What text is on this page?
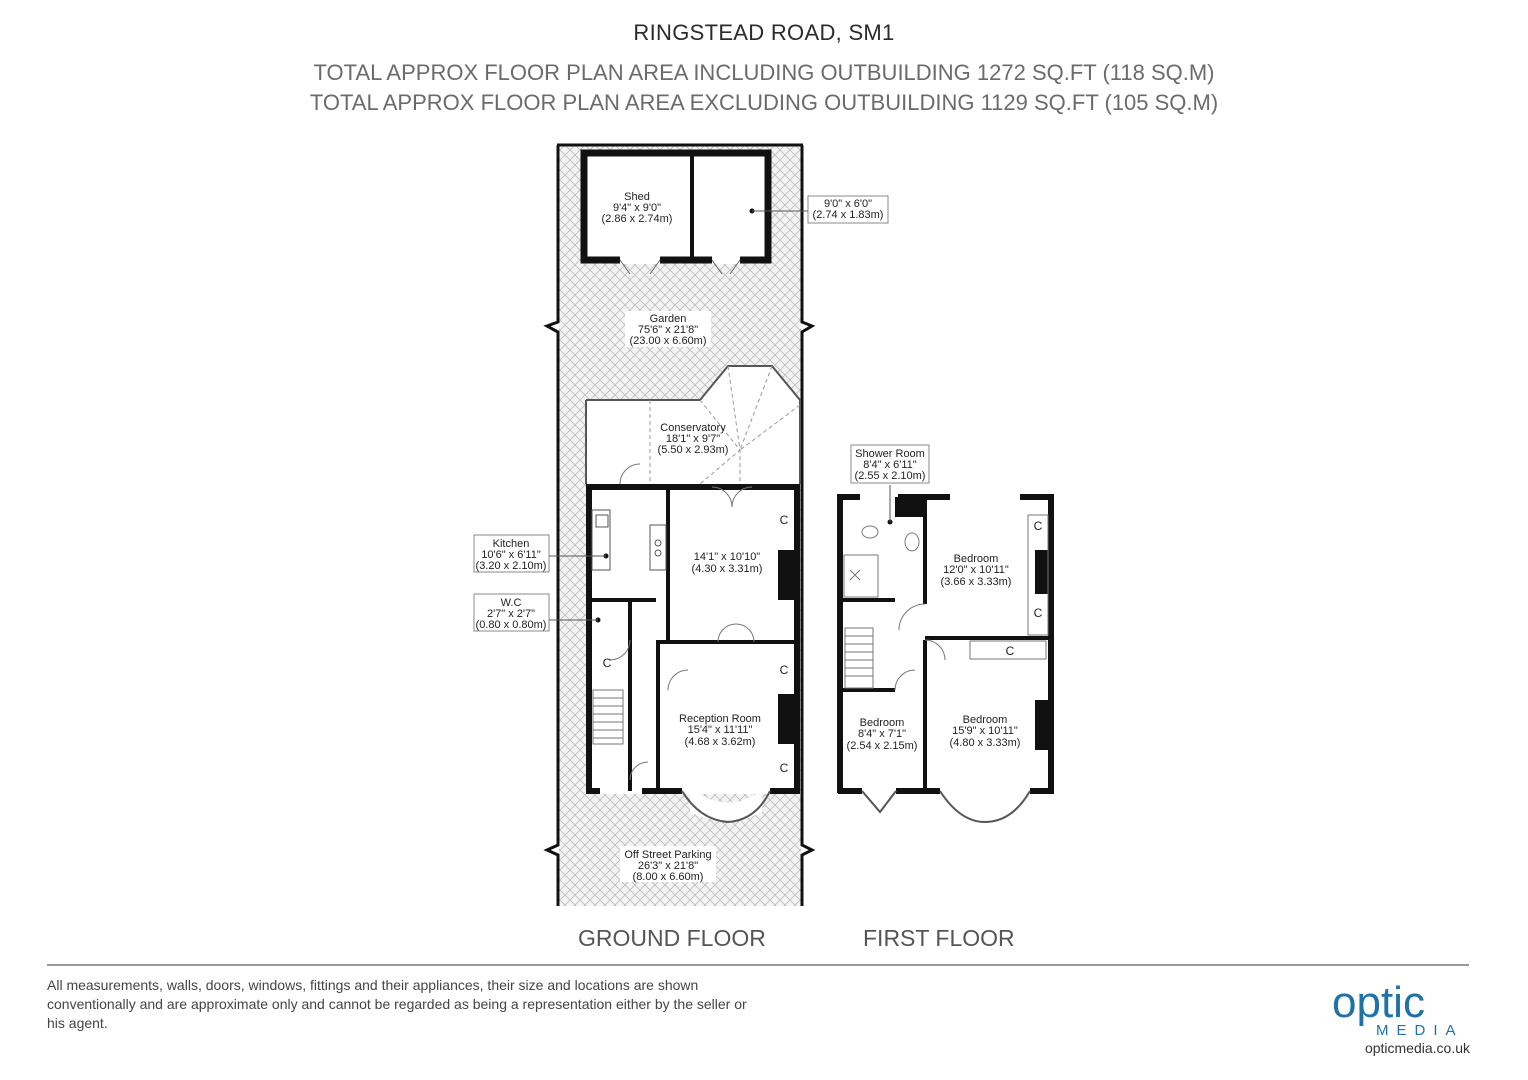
RINGSTEAD ROAD, SM1
TOTAL APPROX FLOOR PLAN AREA INCLUDING OUTBUILDING 1272 SQ.FT (118 SQ.M)
TOTAL APPROX FLOOR PLAN AREA EXCLUDING OUTBUILDING 1129 SQ.FT (105 SQ.M)
Shed
9'4" x 9'0"
(2.86 x 2.74m)
9'0" x 6'0"
(2.74 x 1.83m)
Garden
75'6" x 21'8"
(23.00 x 6.60m)
Conservatory
18'1" x 9'7"
(5.50 x 2.93m)
Kitchen
10'6" x 6'11"
(3.20 x 2.10m)
W.C
2'7" x 2'7"
(0.80 x 0.80m)
14'1" x 10'10"
(4.30 x 3.31m)
Reception Room
15'4" x 11'11"
(4.68 x 3.62m)
Off Street Parking
26'3" x 21'8"
(8.00 x 6.60m)
C
C
C
C
Shower Room
8'4" x 6'11"
(2.55 x 2.10m)
Bedroom
12'0" x 10'11"
(3.66 x 3.33m)
Bedroom
8'4" x 7'1"
(2.54 x 2.15m)
Bedroom
15'9" x 10'11"
(4.80 x 3.33m)
C
C
C
GROUND FLOOR	FIRST FLOOR
All measurements, walls, doors, windows, fittings and their appliances, their size and locations are shown conventionally and are approximate only and cannot be regarded as being a representation either by the seller or his agent.	optic
MEDIA
opticmedia.co.uk
